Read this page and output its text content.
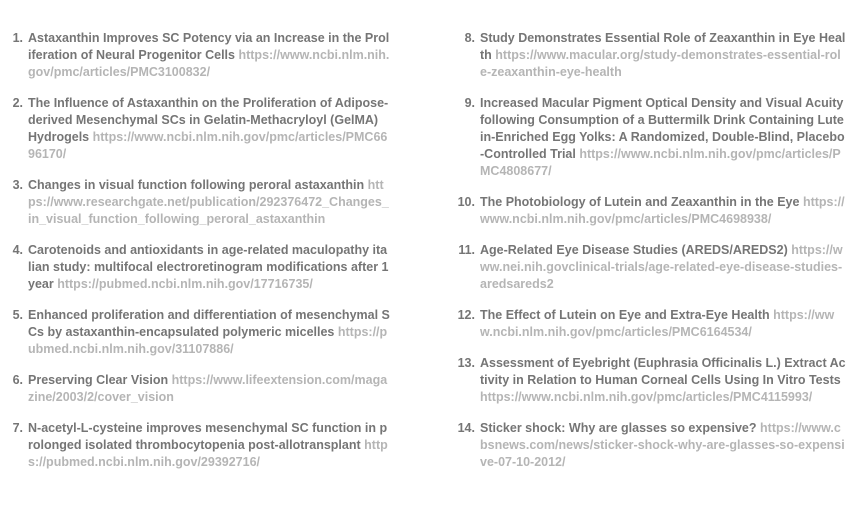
1. Astaxanthin Improves SC Potency via an Increase in the Proliferation of Neural Progenitor Cells https://www.ncbi.nlm.nih.gov/pmc/articles/PMC3100832/
2. The Influence of Astaxanthin on the Proliferation of Adipose-derived Mesenchymal SCs in Gelatin-Methacryloyl (GelMA) Hydrogels https://www.ncbi.nlm.nih.gov/pmc/articles/PMC6696170/
3. Changes in visual function following peroral astaxanthin https://www.researchgate.net/publication/292376472_Changes_in_visual_function_following_peroral_astaxanthin
4. Carotenoids and antioxidants in age-related maculopathy italian study: multifocal electroretinogram modifications after 1 year https://pubmed.ncbi.nlm.nih.gov/17716735/
5. Enhanced proliferation and differentiation of mesenchymal SCs by astaxanthin-encapsulated polymeric micelles https://pubmed.ncbi.nlm.nih.gov/31107886/
6. Preserving Clear Vision https://www.lifeextension.com/magazine/2003/2/cover_vision
7. N-acetyl-L-cysteine improves mesenchymal SC function in prolonged isolated thrombocytopenia post-allotransplant https://pubmed.ncbi.nlm.nih.gov/29392716/
8. Study Demonstrates Essential Role of Zeaxanthin in Eye Health https://www.macular.org/study-demonstrates-essential-role-zeaxanthin-eye-health
9. Increased Macular Pigment Optical Density and Visual Acuity following Consumption of a Buttermilk Drink Containing Lutein-Enriched Egg Yolks: A Randomized, Double-Blind, Placebo-Controlled Trial https://www.ncbi.nlm.nih.gov/pmc/articles/PMC4808677/
10. The Photobiology of Lutein and Zeaxanthin in the Eye https://www.ncbi.nlm.nih.gov/pmc/articles/PMC4698938/
11. Age-Related Eye Disease Studies (AREDS/AREDS2) https://www.nei.nih.govclinical-trials/age-related-eye-disease-studies-aredsareds2
12. The Effect of Lutein on Eye and Extra-Eye Health https://www.ncbi.nlm.nih.gov/pmc/articles/PMC6164534/
13. Assessment of Eyebright (Euphrasia Officinalis L.) Extract Activity in Relation to Human Corneal Cells Using In Vitro Tests https://www.ncbi.nlm.nih.gov/pmc/articles/PMC4115993/
14. Sticker shock: Why are glasses so expensive? https://www.cbsnews.com/news/sticker-shock-why-are-glasses-so-expensive-07-10-2012/
